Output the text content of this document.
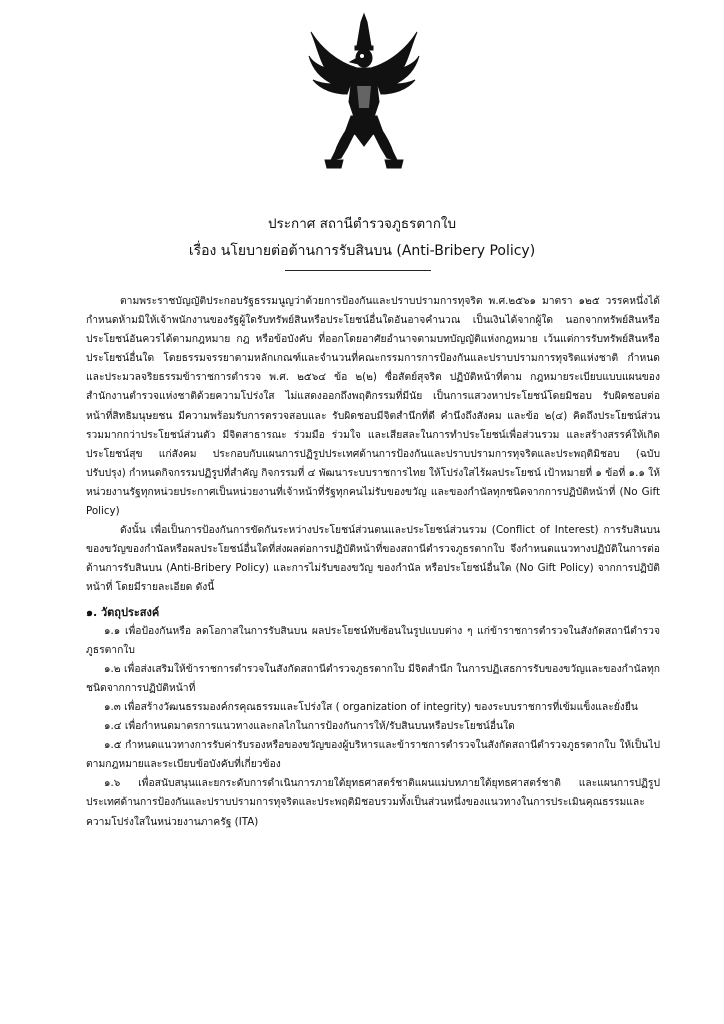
ประกาศ สถานีตำรวจภูธรตากใบ
เรื่อง นโยบายต่อต้านการรับสินบน (Anti-Bribery Policy)

ตามพระราชบัญญัติประกอบรัฐธรรมนูญว่าด้วยการป้องกันและปราบปรามการทุจริต พ.ศ.๒๕๖๑ มาตรา ๑๒๕ วรรคหนึ่งได้กำหนดห้ามมิให้เจ้าพนักงานของรัฐผู้ใดรับทรัพย์สินหรือประโยชน์อื่นใดอันอาจคำนวณ เป็นเงินได้จากผู้ใด นอกจากทรัพย์สินหรือประโยชน์อันควรได้ตามกฎหมาย กฎ หรือข้อบังคับ ที่ออกโดยอาศัยอำนาจตามบทบัญญัติแห่งกฎหมาย เว้นแต่การรับทรัพย์สินหรือประโยชน์อื่นใด โดยธรรมจรรยาตามหลักเกณฑ์และจำนวนที่คณะกรรมการการป้องกันและปราบปรามการทุจริตแห่งชาติ กำหนดและประมวลจริยธรรมข้าราชการตำรวจ พ.ศ. ๒๕๖๔ ข้อ ๒(๒) ซื่อสัตย์สุจริต ปฏิบัติหน้าที่ตาม กฎหมายระเบียบแบบแผนของสำนักงานตำรวจแห่งชาติด้วยความโปร่งใส ไม่แสดงออกถึงพฤติกรรมที่มีนัย เป็นการแสวงหาประโยชน์โดยมิชอบ รับผิดชอบต่อหน้าที่สิทธิมนุษยชน มีความพร้อมรับการตรวจสอบและ รับผิดชอบมีจิตสำนึกที่ดี คำนึงถึงสังคม และข้อ ๒(๔) คิดถึงประโยชน์ส่วนรวมมากกว่าประโยชน์ส่วนตัว มีจิตสาธารณะ ร่วมมือ ร่วมใจ และเสียสละในการทำประโยชน์เพื่อส่วนรวม และสร้างสรรค์ให้เกิดประโยชน์สุข แก่สังคม ประกอบกับแผนการปฏิรูปประเทศด้านการป้องกันและปราบปรามการทุจริตและประพฤติมิชอบ (ฉบับปรับปรุง) กำหนดกิจกรรมปฏิรูปที่สำคัญ กิจกรรมที่ ๔ พัฒนาระบบราชการไทย ให้โปร่งใสไร้ผลประโยชน์ เป้าหมายที่ ๑ ข้อที่ ๑.๑ ให้หน่วยงานรัฐทุกหน่วยประกาศเป็นหน่วยงานที่เจ้าหน้าที่รัฐทุกคนไม่รับของขวัญ และของกำนัลทุกชนิดจากการปฏิบัติหน้าที่ (No Gift Policy)

ดังนั้น เพื่อเป็นการป้องกันการขัดกันระหว่างประโยชน์ส่วนตนและประโยชน์ส่วนรวม (Conflict of Interest) การรับสินบนของขวัญของกำนัลหรือผลประโยชน์อื่นใดที่ส่งผลต่อการปฏิบัติหน้าที่ของสถานีตำรวจภูธรตากใบ จึงกำหนดแนวทางปฏิบัติในการต่อต้านการรับสินบน (Anti-Bribery Policy) และการไม่รับของขวัญ ของกำนัล หรือประโยชน์อื่นใด (No Gift Policy) จากการปฏิบัติหน้าที่ โดยมีรายละเอียด ดังนี้

๑. วัตถุประสงค์

๑.๑ เพื่อป้องกันหรือ ลดโอกาสในการรับสินบน ผลประโยชน์ทับซ้อนในรูปแบบต่าง ๆ แก่ข้าราชการตำรวจในสังกัดสถานีตำรวจภูธรตากใบ

๑.๒ เพื่อส่งเสริมให้ข้าราชการตำรวจในสังกัดสถานีตำรวจภูธรตากใบ มีจิตสำนึก ในการปฏิเสธการรับของขวัญและของกำนัลทุกชนิดจากการปฏิบัติหน้าที่

๑.๓ เพื่อสร้างวัฒนธรรมองค์กรคุณธรรมและโปร่งใส ( organization of integrity) ของระบบราชการที่เข้มแข็งและยั่งยืน

๑.๔ เพื่อกำหนดมาตรการแนวทางและกลไกในการป้องกันการให้/รับสินบนหรือประโยชน์อื่นใด

๑.๕ กำหนดแนวทางการรับค่ารับรองหรือของขวัญของผู้บริหารและข้าราชการตำรวจในสังกัดสถานีตำรวจภูธรตากใบ ให้เป็นไปตามกฎหมายและระเบียบข้อบังคับที่เกี่ยวข้อง

๑.๖ เพื่อสนับสนุนและยกระดับการดำเนินการภายใต้ยุทธศาสตร์ชาติแผนแม่บทภายใต้ยุทธศาสตร์ชาติ และแผนการปฏิรูปประเทศด้านการป้องกันและปราบปรามการทุจริตและประพฤติมิชอบรวมทั้งเป็นส่วนหนึ่งของแนวทางในการประเมินคุณธรรมและความโปร่งใสในหน่วยงานภาครัฐ (ITA)
